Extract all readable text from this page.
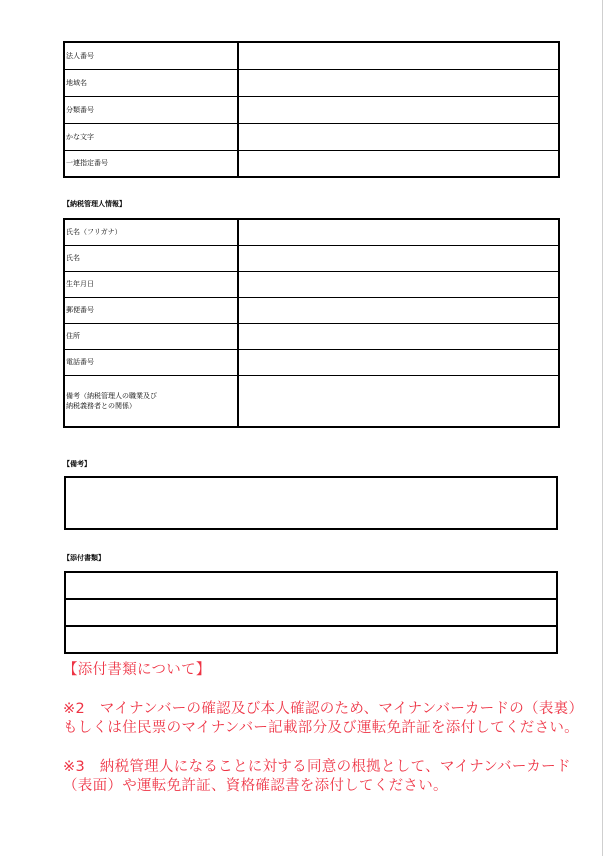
法人番号	
地域名	
分類番号	
かな文字	
一連指定番号	
【納税管理人情報】
氏名（フリガナ）	
氏名	
生年月日	
郵便番号	
住所	
電話番号	

備考（納税管理人の職業及び
納税義務者との関係）	

【備考】
【添付書類】

【添付書類について】

※2　マイナンバーの確認及び本人確認のため、マイナンバーカードの（表裏）もしくは住民票のマイナンバー記載部分及び運転免許証を添付してください。

※3　納税管理人になることに対する同意の根拠として、マイナンバーカード（表面）や運転免許証、資格確認書を添付してください。
